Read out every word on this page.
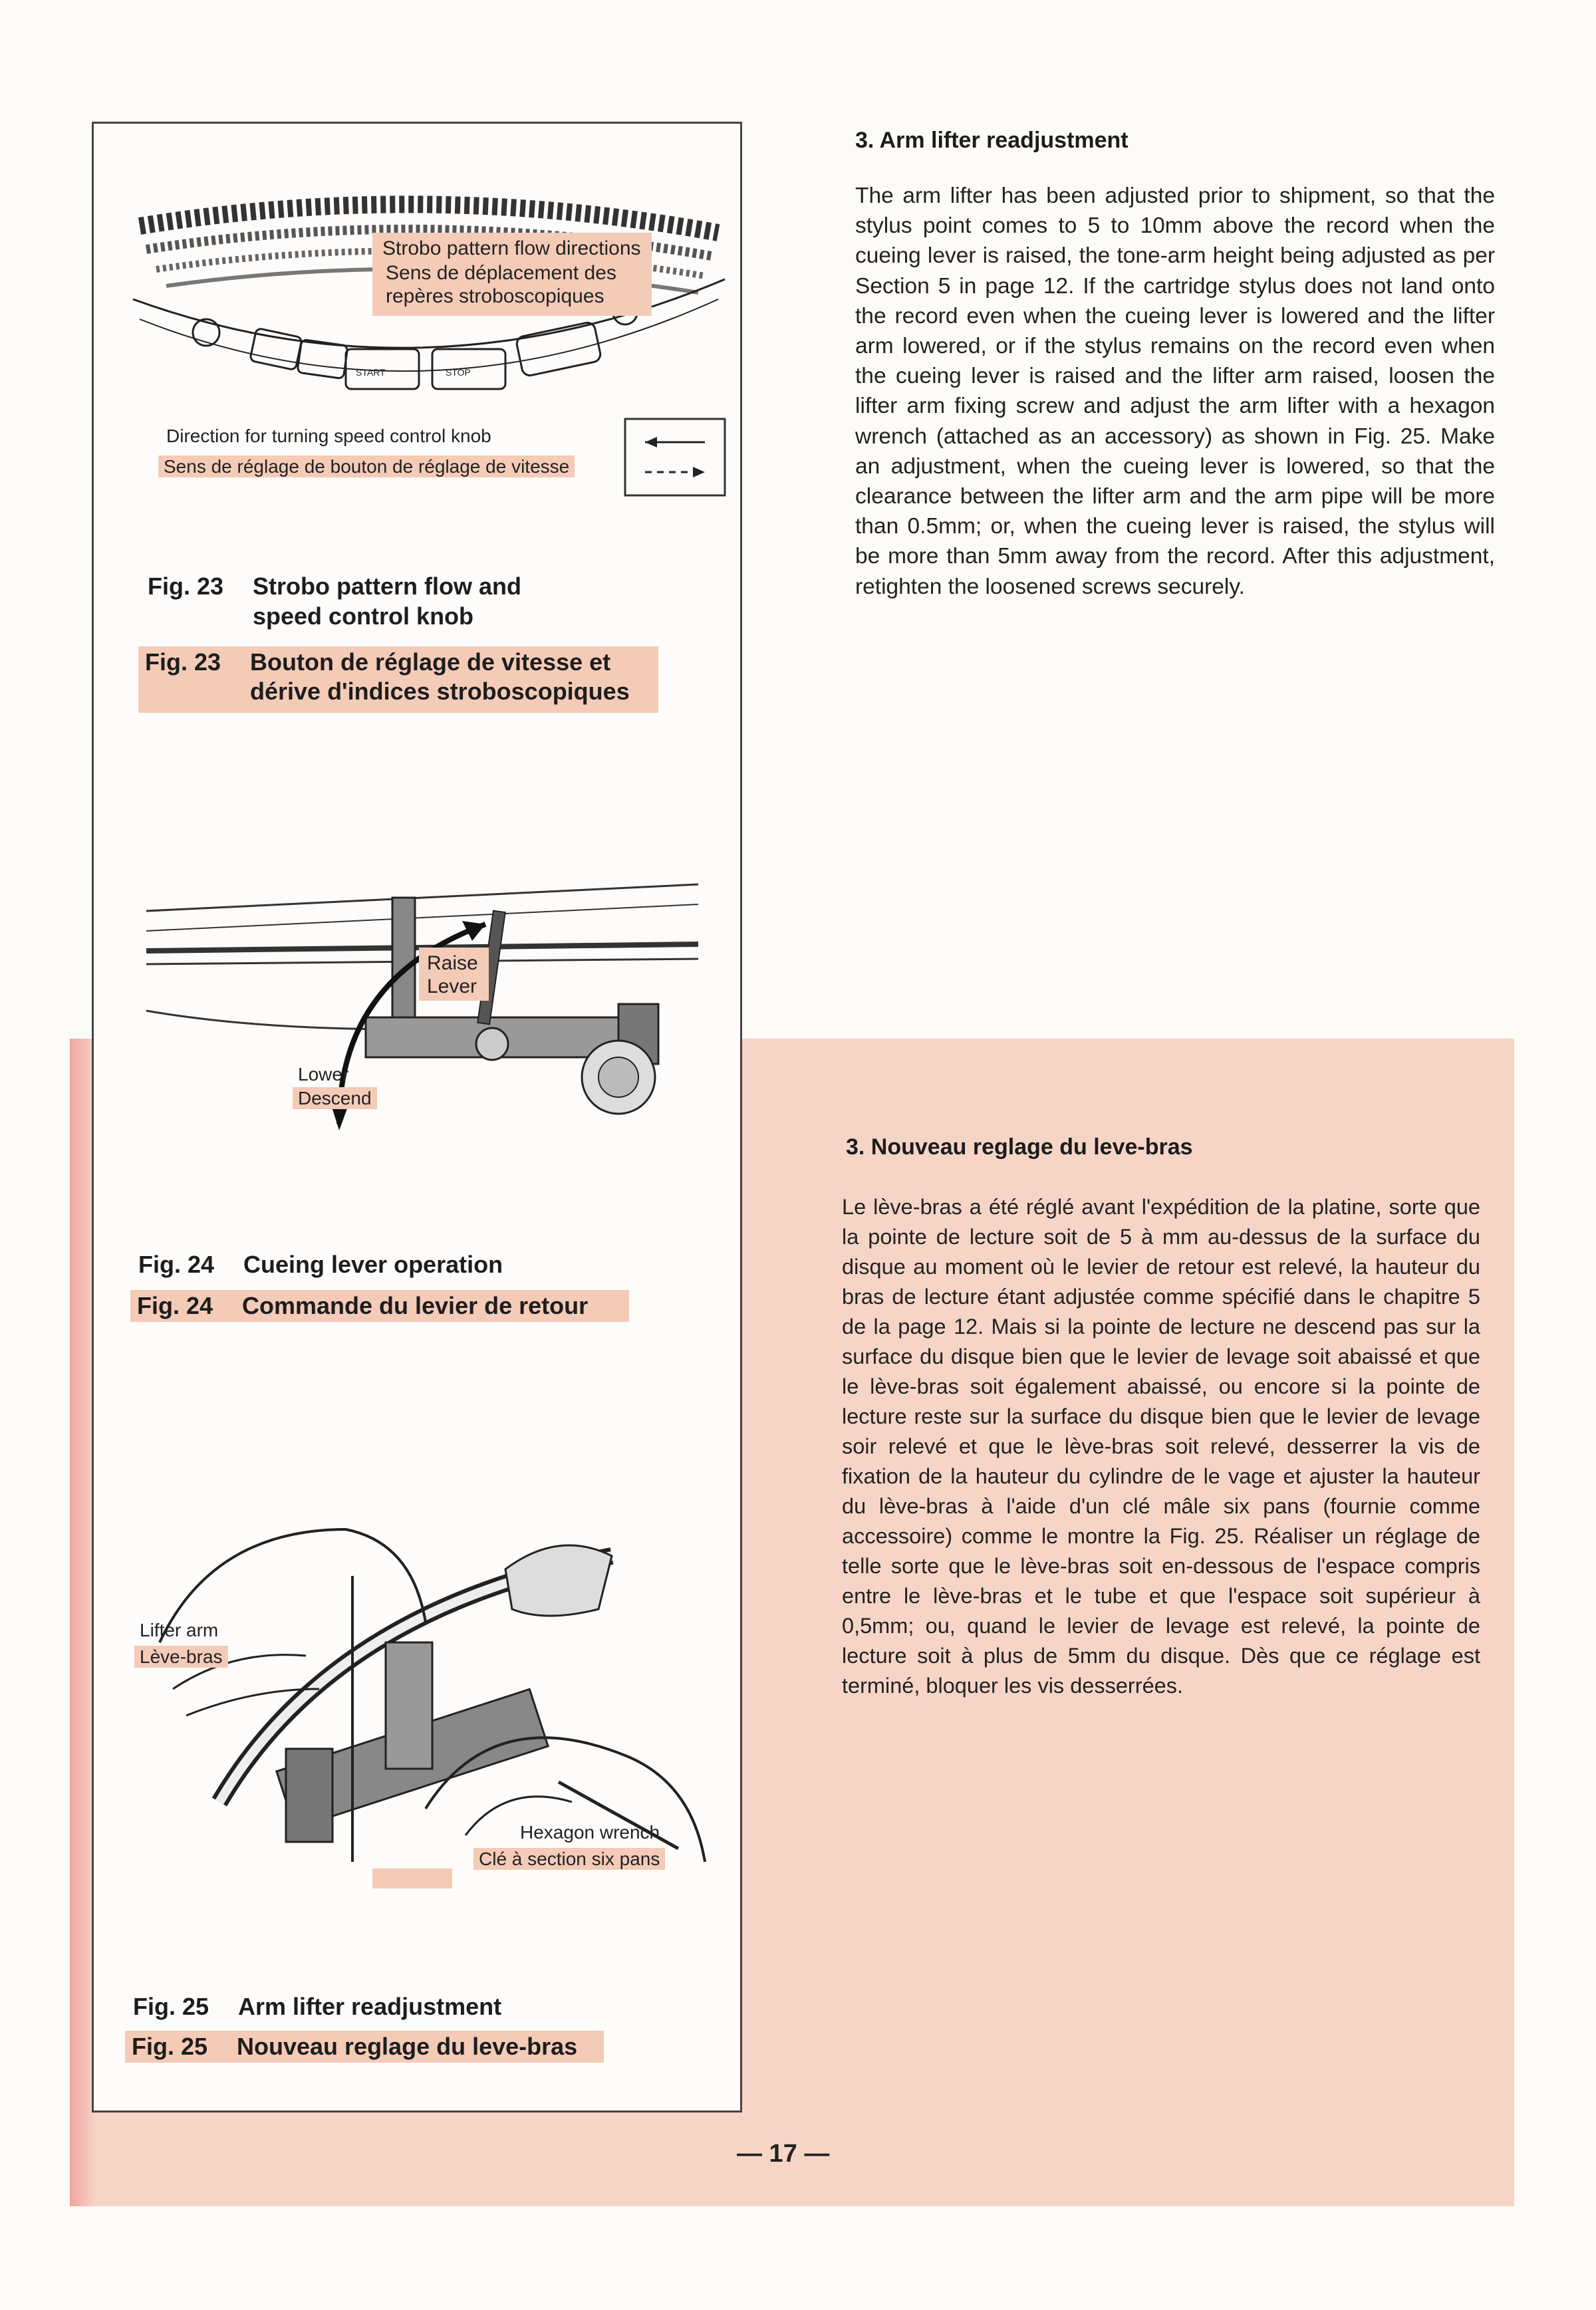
Strobo pattern flow directions
Sens de déplacement des
repères stroboscopiques
START	STOP
Direction for turning speed control knob
Sens de réglage de bouton de réglage de vitesse
Fig. 23 Strobo pattern flow and
speed control knob
Fig. 23 Bouton de réglage de vitesse et
dérive d'indices stroboscopiques
Raise
Lever
Lower
Descend
Fig. 24 Cueing lever operation
Fig. 24 Commande du levier de retour
Lifter arm
Lève-bras
Hexagon wrench
Clé à section six pans
Fig. 25 Arm lifter readjustment
Fig. 25 Nouveau reglage du leve-bras
3. Arm lifter readjustment
The arm lifter has been adjusted prior to shipment, so that the stylus point comes to 5 to 10mm above the record when the cueing lever is raised, the tone-arm height being adjusted as per Section 5 in page 12. If the cartridge stylus does not land onto the record even when the cueing lever is lowered and the lifter arm lowered, or if the stylus remains on the record even when the cueing lever is raised and the lifter arm raised, loosen the lifter arm fixing screw and adjust the arm lifter with a hexagon wrench (attached as an accessory) as shown in Fig. 25. Make an adjustment, when the cueing lever is lowered, so that the clearance between the lifter arm and the arm pipe will be more than 0.5mm; or, when the cueing lever is raised, the stylus will be more than 5mm away from the record. After this adjustment, retighten the loosened screws securely.
3. Nouveau reglage du leve-bras
Le lève-bras a été réglé avant l'expédition de la platine, sorte que la pointe de lecture soit de 5 à mm au-dessus de la surface du disque au moment où le levier de retour est relevé, la hauteur du bras de lecture étant adjustée comme spécifié dans le chapitre 5 de la page 12. Mais si la pointe de lecture ne descend pas sur la surface du disque bien que le levier de levage soit abaissé et que le lève-bras soit également abaissé, ou encore si la pointe de lecture reste sur la surface du disque bien que le levier de levage soir relevé et que le lève-bras soit relevé, desserrer la vis de fixation de la hauteur du cylindre de le vage et ajuster la hauteur du lève-bras à l'aide d'un clé mâle six pans (fournie comme accessoire) comme le montre la Fig. 25. Réaliser un réglage de telle sorte que le lève-bras soit en-dessous de l'espace compris entre le lève-bras et le tube et que l'espace soit supérieur à 0,5mm; ou, quand le levier de levage est relevé, la pointe de lecture soit à plus de 5mm du disque. Dès que ce réglage est terminé, bloquer les vis desserrées.
— 17 —
